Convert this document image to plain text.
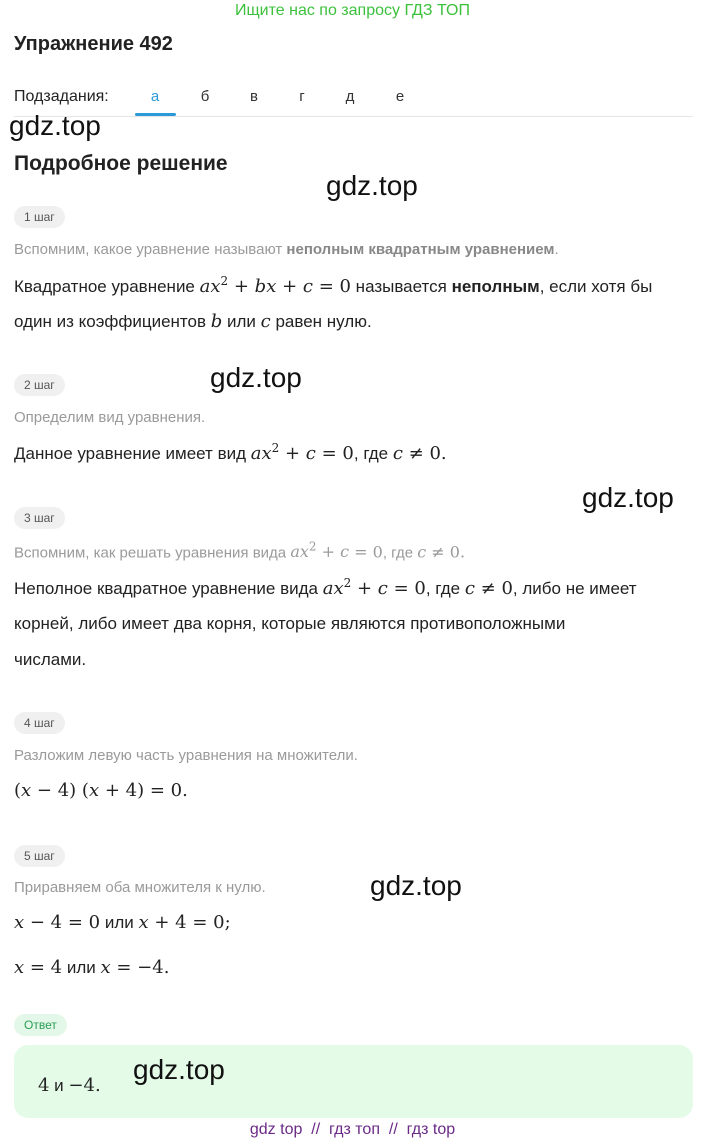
Ищите нас по запросу ГДЗ ТОП
Упражнение 492
Подзадания:	а	б	в	г	д	е
gdz.top
Подробное решение
gdz.top
1 шаг
Вспомним, какое уравнение называют неполным квадратным уравнением.
Квадратное уравнение $ax^2$ + bx + c = 0 называется неполным, если хотя бы
один из коэффициентов b или c равен нулю.
2 шаг	gdz.top
Определим вид уравнения.
Данное уравнение имеет вид $ax^2 + c = 0$, где c ≠ 0.
gdz.top
3 шаг
Вспомним, как решать уравнения вида $ax^2 + c = 0$, где c ≠ 0.
Неполное квадратное уравнение вида $ax^2 + c = 0$, где c ≠ 0, либо не имеет
корней, либо имеет два корня, которые являются противоположными
числами.
4 шаг
Разложим левую часть уравнения на множители.
(x − 4) (x + 4) = 0.
5 шаг
Приравняем оба множителя к нулю.	gdz.top
x − 4 = 0 или x + 4 = 0;
x = 4 или x = −4.
Ответ
4 и −4.
gdz.top
gdz top  //  гдз топ  //  гдз top
